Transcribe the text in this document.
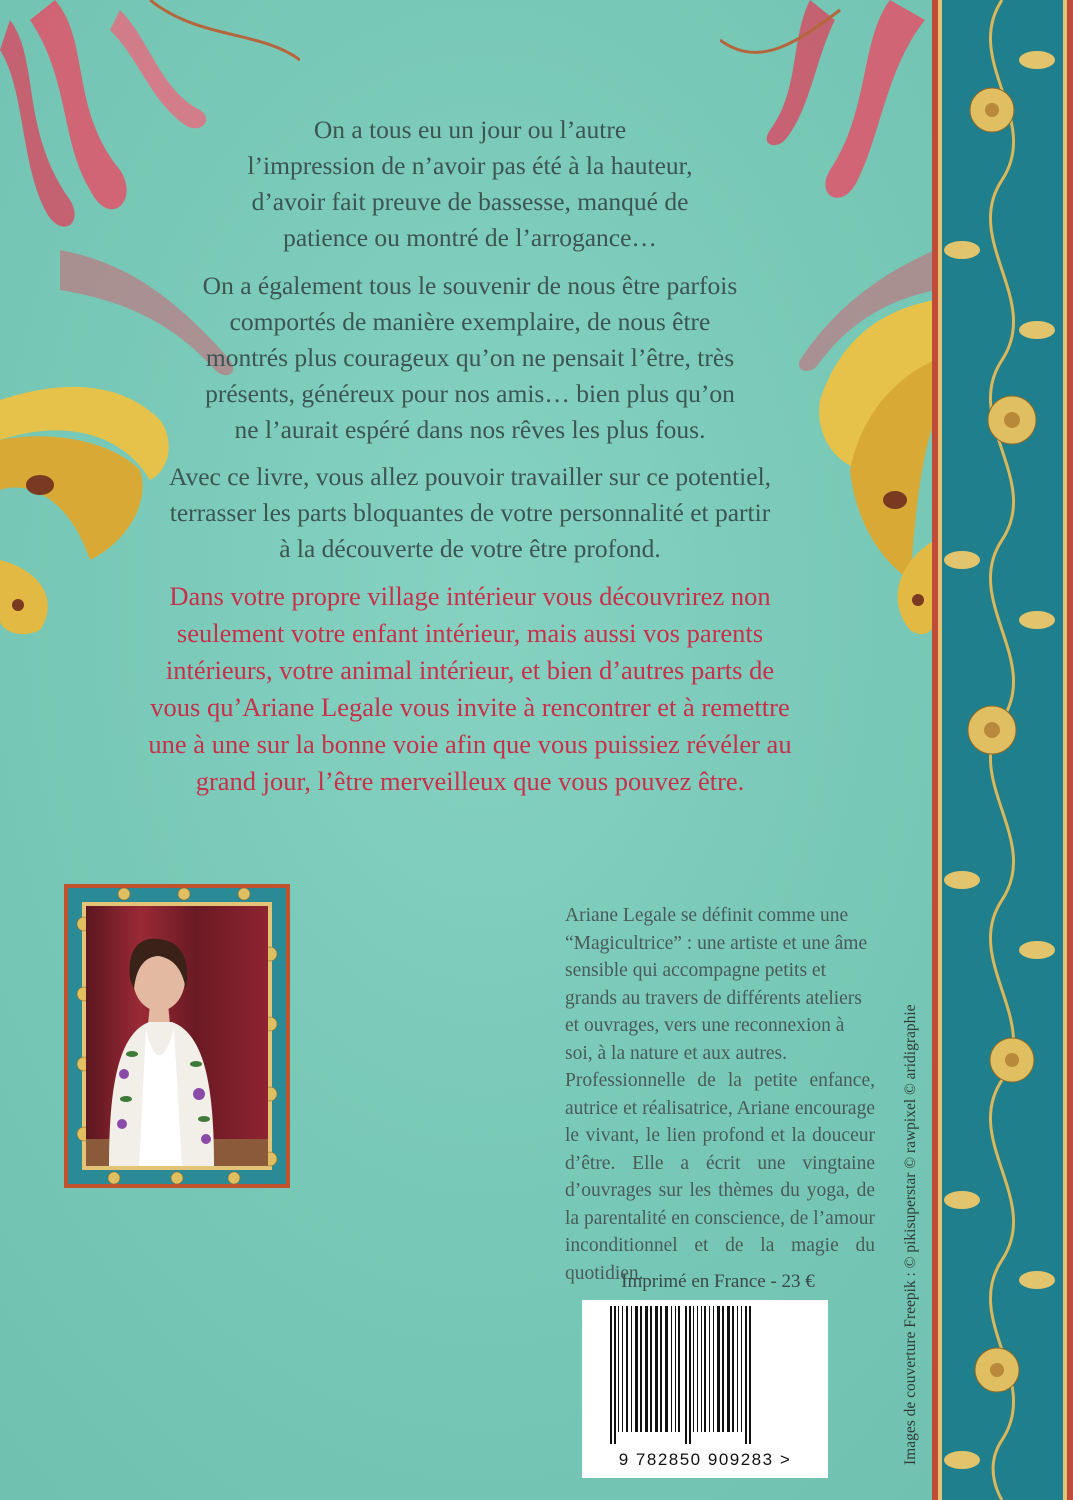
On a tous eu un jour ou l’autre
l’impression de n’avoir pas été à la hauteur,
d’avoir fait preuve de bassesse, manqué de
patience ou montré de l’arrogance…
On a également tous le souvenir de nous être parfois
comportés de manière exemplaire, de nous être
montrés plus courageux qu’on ne pensait l’être, très
présents, généreux pour nos amis… bien plus qu’on
ne l’aurait espéré dans nos rêves les plus fous.
Avec ce livre, vous allez pouvoir travailler sur ce potentiel,
terrasser les parts bloquantes de votre personnalité et partir
à la découverte de votre être profond.
Dans votre propre village intérieur vous découvrirez non
seulement votre enfant intérieur, mais aussi vos parents
intérieurs, votre animal intérieur, et bien d’autres parts de
vous qu’Ariane Legale vous invite à rencontrer et à remettre
une à une sur la bonne voie afin que vous puissiez révéler au
grand jour, l’être merveilleux que vous pouvez être.

Ariane Legale se définit comme une “Magicultrice” : une artiste et une âme sensible qui accompagne petits et grands au travers de différents ateliers et ouvrages, vers une reconnexion à soi, à la nature et aux autres.

Professionnelle de la petite enfance, autrice et réalisatrice, Ariane encourage le vivant, le lien profond et la douceur d’être. Elle a écrit une vingtaine d’ouvrages sur les thèmes du yoga, de la parentalité en conscience, de l’amour inconditionnel et de la magie du quotidien.

Imprimé en France - 23 €
9 782850 909283 >	Images de couverture Freepik : © pikisuperstar © rawpixel © aridigraphie
